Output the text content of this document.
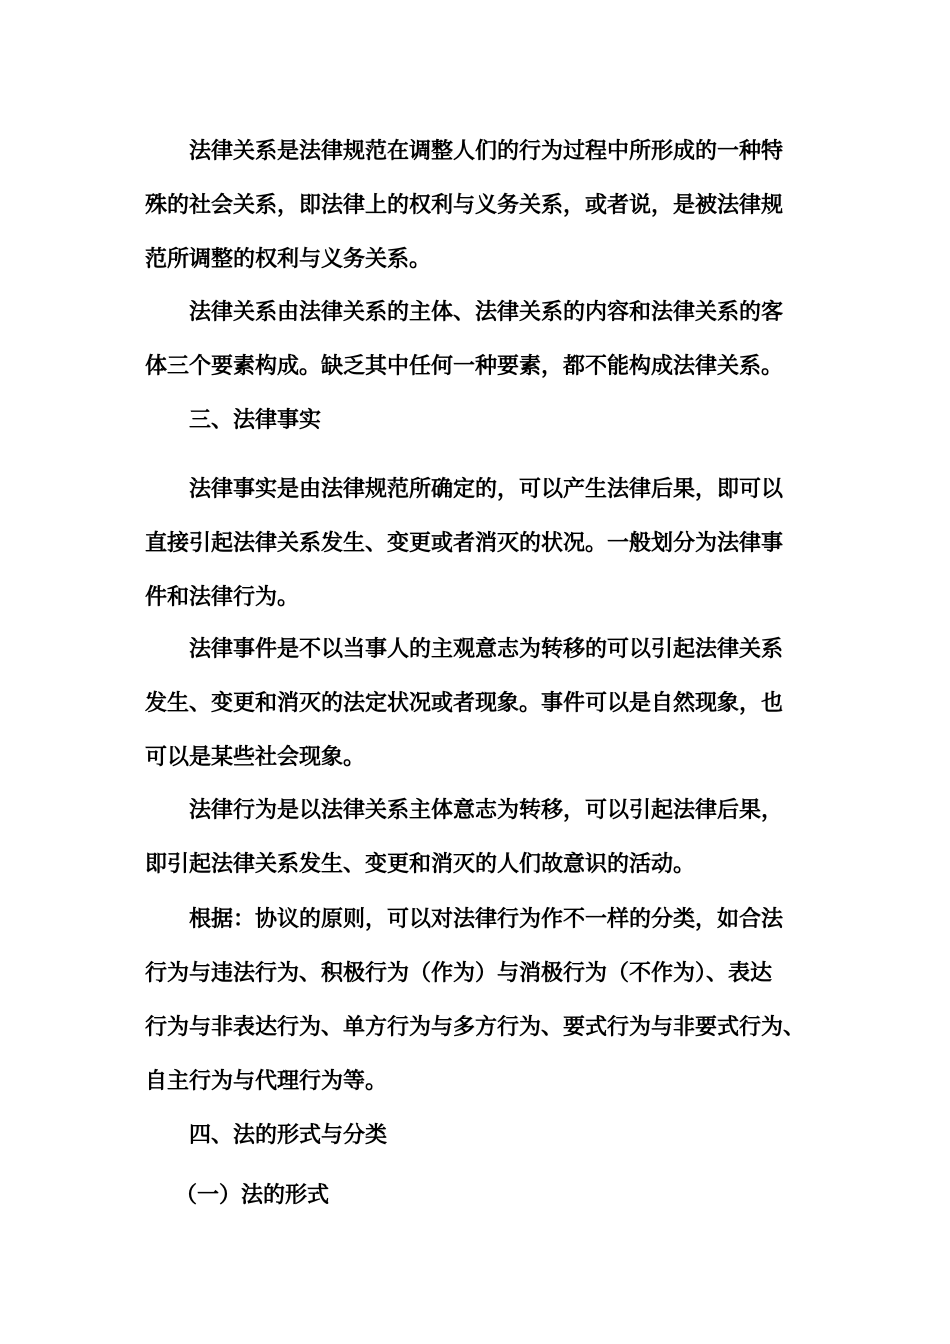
法律关系是法律规范在调整人们的行为过程中所形成的一种特
殊的社会关系，即法律上的权利与义务关系，或者说，是被法律规
范所调整的权利与义务关系。
法律关系由法律关系的主体、法律关系的内容和法律关系的客
体三个要素构成。缺乏其中任何一种要素，都不能构成法律关系。
三、法律事实
法律事实是由法律规范所确定的，可以产生法律后果，即可以
直接引起法律关系发生、变更或者消灭的状况。一般划分为法律事
件和法律行为。
法律事件是不以当事人的主观意志为转移的可以引起法律关系
发生、变更和消灭的法定状况或者现象。事件可以是自然现象，也
可以是某些社会现象。
法律行为是以法律关系主体意志为转移，可以引起法律后果，
即引起法律关系发生、变更和消灭的人们故意识的活动。
根据：协议的原则，可以对法律行为作不一样的分类，如合法
行为与违法行为、积极行为（作为）与消极行为（不作为）、表达
行为与非表达行为、单方行为与多方行为、要式行为与非要式行为、
自主行为与代理行为等。
四、法的形式与分类
（一）法的形式
